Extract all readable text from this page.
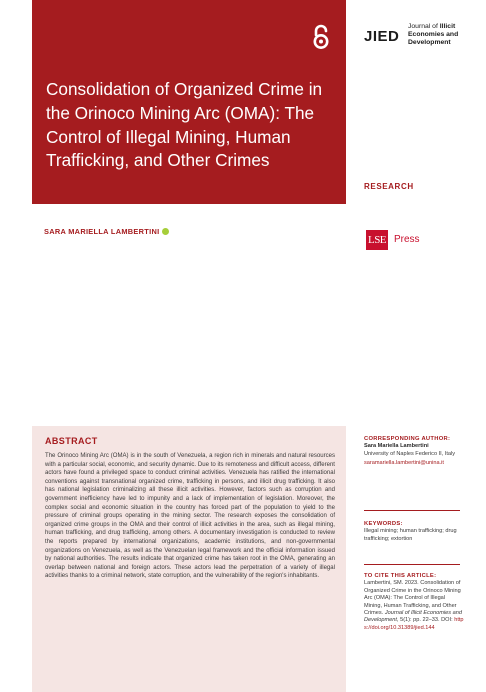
Consolidation of Organized Crime in the Orinoco Mining Arc (OMA): The Control of Illegal Mining, Human Trafficking, and Other Crimes
JIED
Journal of Illicit
Economies and
Development
RESEARCH
SARA MARIELLA LAMBERTINI
LSE Press
ABSTRACT

The Orinoco Mining Arc (OMA) is in the south of Venezuela, a region rich in minerals and natural resources with a particular social, economic, and security dynamic. Due to its remoteness and difficult access, different actors have found a privileged space to conduct criminal activities. Venezuela has ratified the international conventions against transnational organized crime, trafficking in persons, and illicit drug trafficking. It also has national legislation criminalizing all these illicit activities. However, factors such as corruption and government inefficiency have led to impunity and a lack of implementation of legislation. Moreover, the complex social and economic situation in the country has forced part of the population to yield to the pressure of criminal groups operating in the mining sector. The research exposes the consolidation of organized crime groups in the OMA and their control of illicit activities in the area, such as illegal mining, human trafficking, and drug trafficking, among others. A documentary investigation is conducted to review the reports prepared by international organizations, academic institutions, and non-governmental organizations on Venezuela, as well as the Venezuelan legal framework and the official information issued by national authorities. The results indicate that organized crime has taken root in the OMA, generating an overlap between national and foreign actors. These actors lead the perpetration of a variety of illegal activities thanks to a criminal network, state corruption, and the vulnerability of the region's inhabitants.

CORRESPONDING AUTHOR:
Sara Mariella Lambertini
University of Naples Federico II, Italy
saramariella.lambertini@unina.it
KEYWORDS:
Illegal mining; human trafficking; drug trafficking; extortion
TO CITE THIS ARTICLE:
Lambertini, SM. 2023. Consolidation of Organized Crime in the Orinoco Mining Arc (OMA): The Control of Illegal Mining, Human Trafficking, and Other Crimes. Journal of Illicit Economies and Development, 5(1): pp. 22–33. DOI: https://doi.org/10.31389/jied.144
